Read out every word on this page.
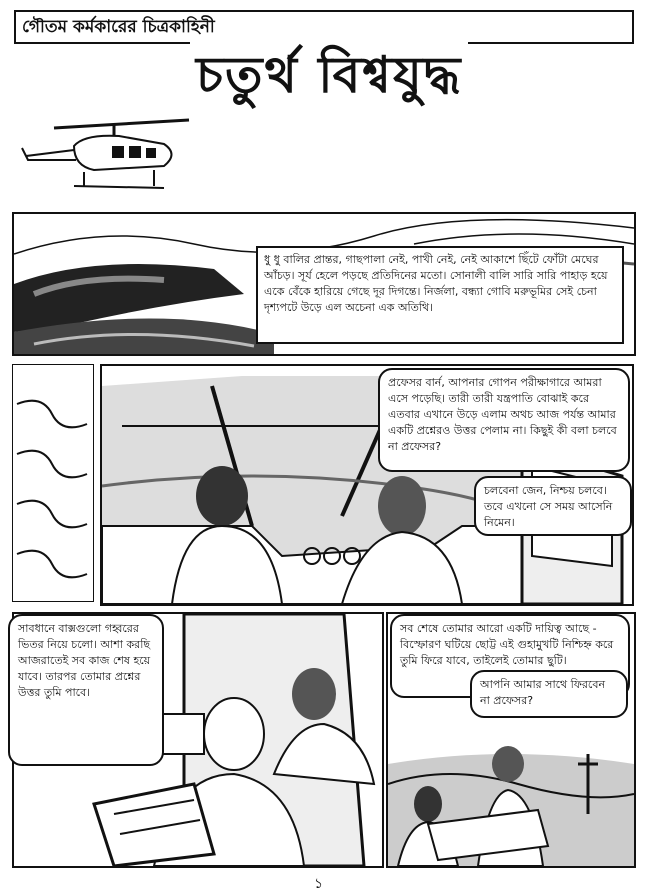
গৌতম কর্মকারের চিত্রকাহিনী
চতুর্থ বিশ্বযুদ্ধ
ধু ধু বালির প্রান্তর, গাছপালা নেই, পাখী নেই, নেই আকাশে ছিঁটে ফোঁটা মেঘের আঁচড়। সূর্য হেলে পড়ছে প্রতিদিনের মতো। সোনালী বালি সারি সারি পাহাড় হয়ে একে বেঁকে হারিয়ে গেছে দূর দিগন্তে। নির্জলা, বন্ধ্যা গোবি মরুভূমির সেই চেনা দৃশ্যপটে উড়ে এল অচেনা এক অতিথি।
প্রফেসর বার্ন, আপনার গোপন পরীক্ষাগারে আমরা এসে পড়েছি। তারী তারী যন্ত্রপাতি বোঝাই করে এতবার এখানে উড়ে এলাম অথচ আজ পর্যন্ত আমার একটি প্রশ্নেরও উত্তর পেলাম না। কিছুই কী বলা চলবে না প্রফেসর?
চলবেনা জেন, নিশ্চয় চলবে। তবে এখনো সে সময় আসেনি নিমেন।
সাবধানে বাক্সগুলো গহ্বরের ভিতর নিয়ে চলো। আশা করছি আজরাতেই সব কাজ শেষ হয়ে যাবে। তারপর তোমার প্রশ্নের উত্তর তুমি পাবে।
সব শেষে তোমার আরো একটি দায়িত্ব আছে - বিস্ফোরণ ঘটিয়ে ছোট্ট এই গুহামুখটি নিশ্চিহ্ন করে তুমি ফিরে যাবে, তাইলেই তোমার ছুটি।
আপনি আমার সাথে ফিরবেন না প্রফেসর?
১
